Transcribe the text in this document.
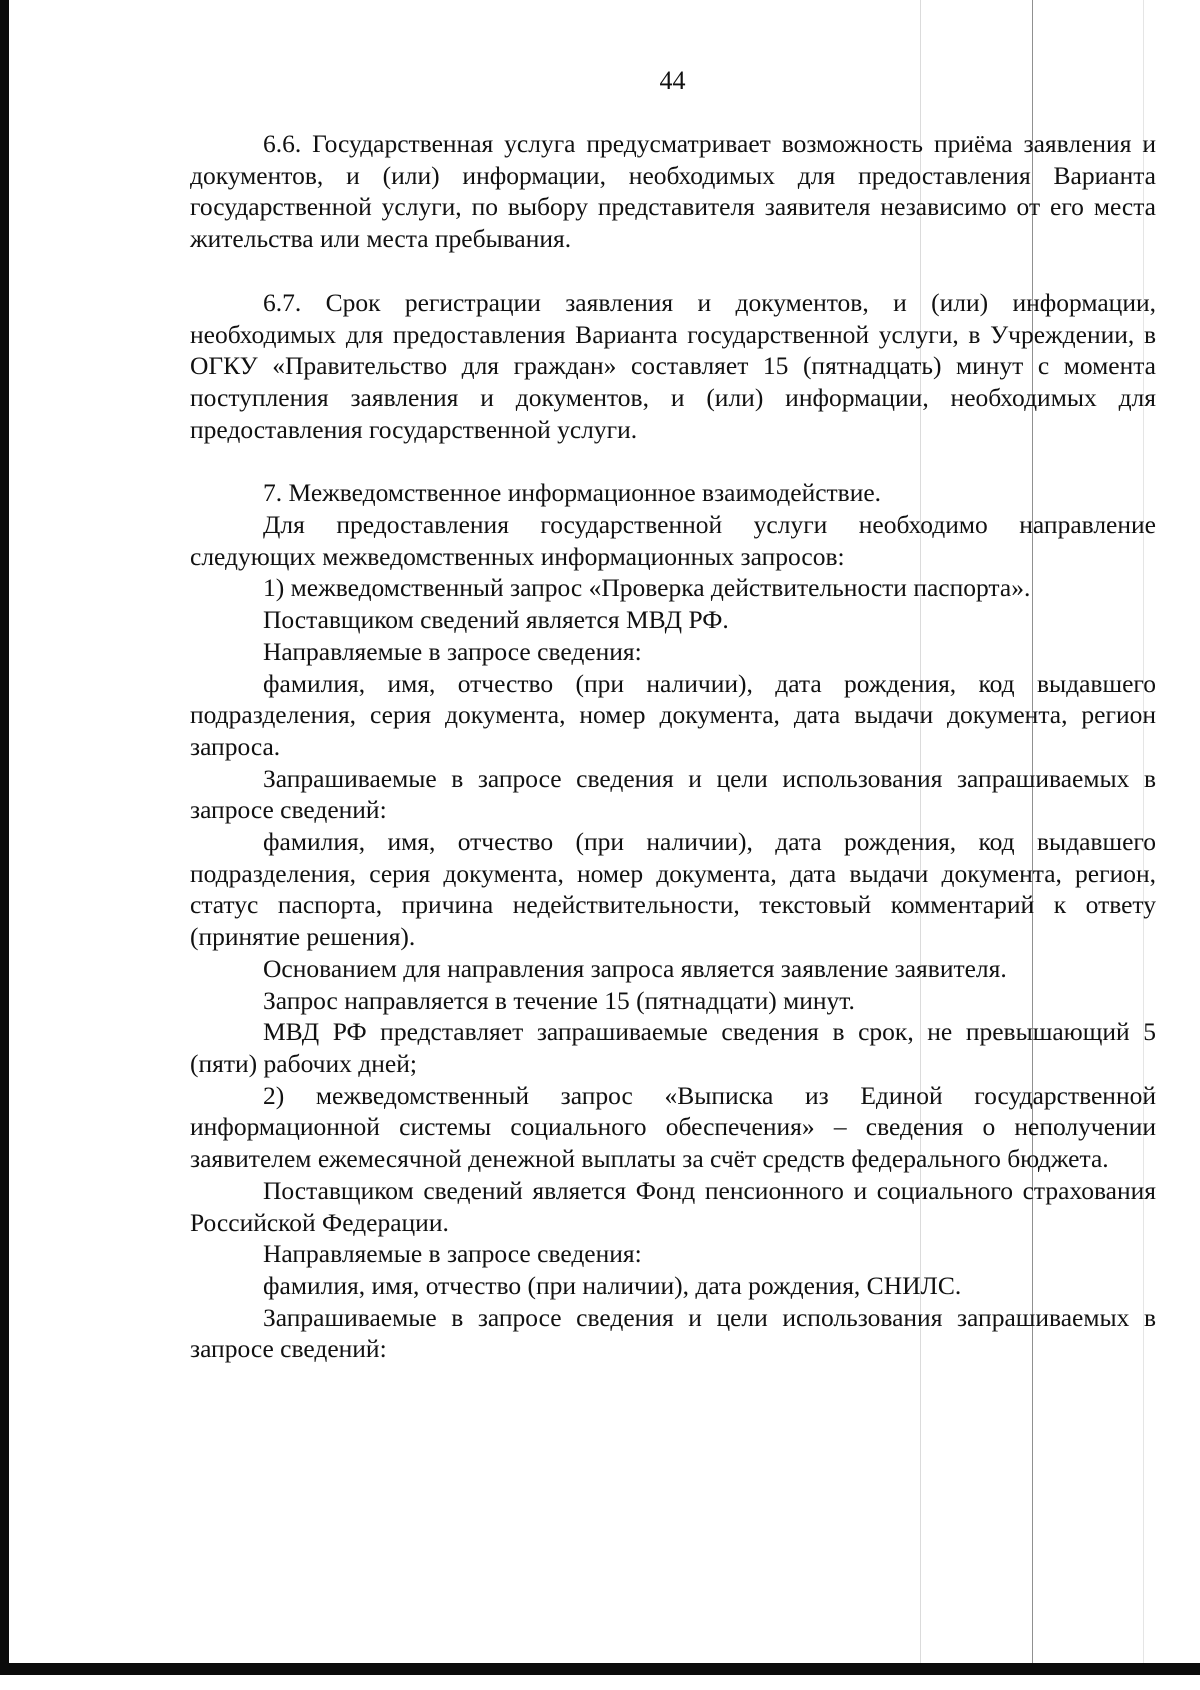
44

6.6. Государственная услуга предусматривает возможность приёма заявления и документов, и (или) информации, необходимых для предоставления Варианта государственной услуги, по выбору представителя заявителя независимо от его места жительства или места пребывания.

6.7. Срок регистрации заявления и документов, и (или) информации, необходимых для предоставления Варианта государственной услуги, в Учреждении, в ОГКУ «Правительство для граждан» составляет 15 (пятнадцать) минут с момента поступления заявления и документов, и (или) информации, необходимых для предоставления государственной услуги.

7. Межведомственное информационное взаимодействие.

Для предоставления государственной услуги необходимо направление следующих межведомственных информационных запросов:

1) межведомственный запрос «Проверка действительности паспорта».

Поставщиком сведений является МВД РФ.

Направляемые в запросе сведения:

фамилия, имя, отчество (при наличии), дата рождения, код выдавшего подразделения, серия документа, номер документа, дата выдачи документа, регион запроса.

Запрашиваемые в запросе сведения и цели использования запрашиваемых в запросе сведений:

фамилия, имя, отчество (при наличии), дата рождения, код выдавшего подразделения, серия документа, номер документа, дата выдачи документа, регион, статус паспорта, причина недействительности, текстовый комментарий к ответу (принятие решения).

Основанием для направления запроса является заявление заявителя.

Запрос направляется в течение 15 (пятнадцати) минут.

МВД РФ представляет запрашиваемые сведения в срок, не превышающий 5 (пяти) рабочих дней;

2) межведомственный запрос «Выписка из Единой государственной информационной системы социального обеспечения» – сведения о неполучении заявителем ежемесячной денежной выплаты за счёт средств федерального бюджета.

Поставщиком сведений является Фонд пенсионного и социального страхования Российской Федерации.

Направляемые в запросе сведения:

фамилия, имя, отчество (при наличии), дата рождения, СНИЛС.

Запрашиваемые в запросе сведения и цели использования запрашиваемых в запросе сведений:
